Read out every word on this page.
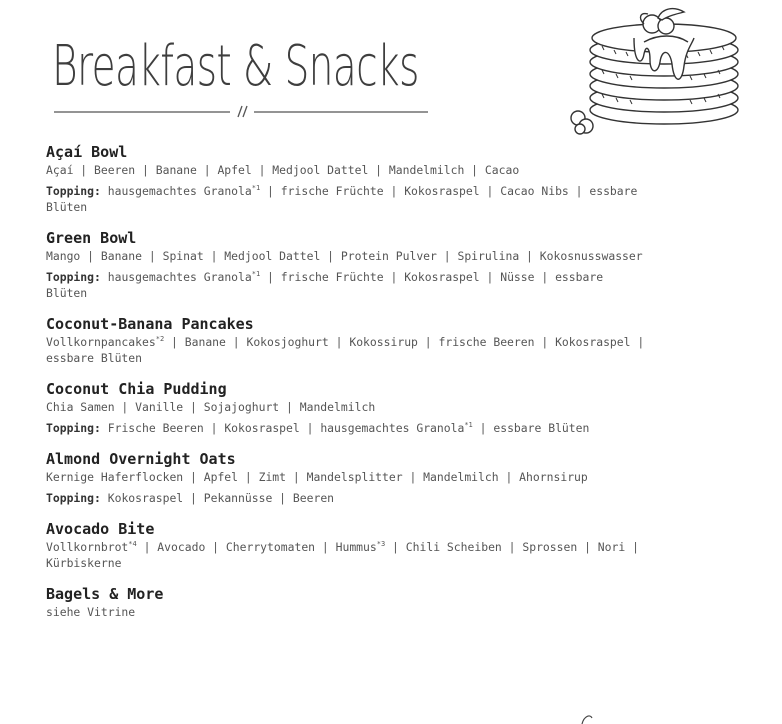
Breakfast & Snacks
Açaí Bowl
Açaí | Beeren | Banane | Apfel | Medjool Dattel | Mandelmilch | Cacao
Topping: hausgemachtes Granola$^{*1}$ | frische Früchte | Kokosraspel | Cacao Nibs | essbare Blüten
Green Bowl
Mango | Banane | Spinat | Medjool Dattel | Protein Pulver | Spirulina | Kokosnusswasser
Topping: hausgemachtes Granola$^{*1}$ | frische Früchte | Kokosraspel | Nüsse | essbare Blüten
Coconut-Banana Pancakes
Vollkornpancakes$^{*2}$ | Banane | Kokosjoghurt | Kokossirup | frische Beeren | Kokosraspel | essbare Blüten
Coconut Chia Pudding
Chia Samen | Vanille | Sojajoghurt | Mandelmilch
Topping: Frische Beeren | Kokosraspel | hausgemachtes Granola$^{*1}$ | essbare Blüten
Almond Overnight Oats
Kernige Haferflocken | Apfel | Zimt | Mandelsplitter | Mandelmilch | Ahornsirup
Topping: Kokosraspel | Pekannüsse | Beeren
Avocado Bite
Vollkornbrot$^{*4}$ | Avocado | Cherrytomaten | Hummus$^{*3}$ | Chili Scheiben | Sprossen | Nori | Kürbiskerne
Bagels & More
siehe Vitrine
